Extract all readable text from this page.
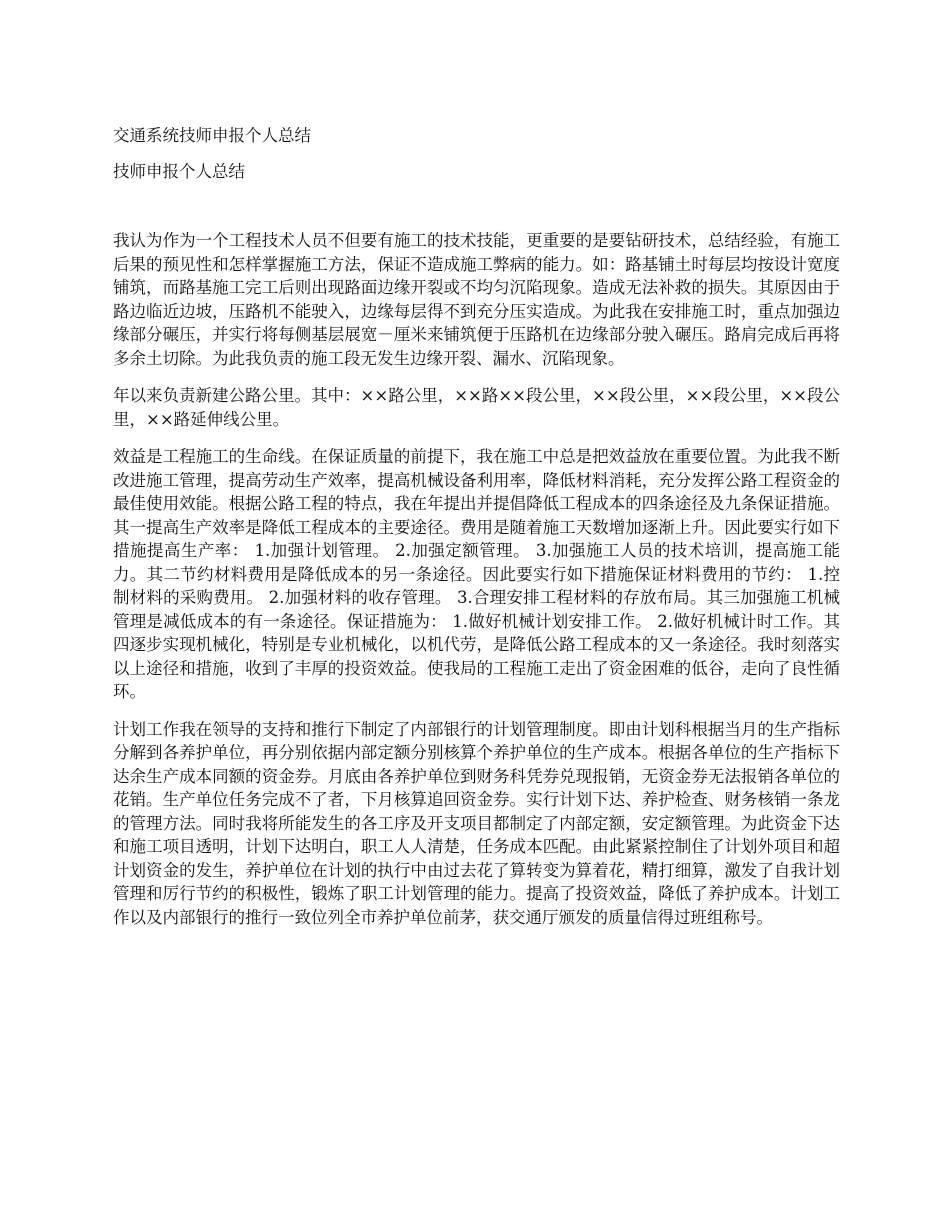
交通系统技师申报个人总结
技师申报个人总结

我认为作为一个工程技术人员不但要有施工的技术技能，更重要的是要钻研技术，总结经验，有施工后果的预见性和怎样掌握施工方法，保证不造成施工弊病的能力。如：路基铺土时每层均按设计宽度铺筑，而路基施工完工后则出现路面边缘开裂或不均匀沉陷现象。造成无法补救的损失。其原因由于路边临近边坡，压路机不能驶入，边缘每层得不到充分压实造成。为此我在安排施工时，重点加强边缘部分碾压，并实行将每侧基层展宽－厘米来铺筑便于压路机在边缘部分驶入碾压。路肩完成后再将多余土切除。为此我负责的施工段无发生边缘开裂、漏水、沉陷现象。

年以来负责新建公路公里。其中：××路公里，××路××段公里，××段公里，××段公里，××段公里，××路延伸线公里。

效益是工程施工的生命线。在保证质量的前提下，我在施工中总是把效益放在重要位置。为此我不断改进施工管理，提高劳动生产效率，提高机械设备利用率，降低材料消耗，充分发挥公路工程资金的最佳使用效能。根据公路工程的特点，我在年提出并提倡降低工程成本的四条途径及九条保证措施。其一提高生产效率是降低工程成本的主要途径。费用是随着施工天数增加逐渐上升。因此要实行如下措施提高生产率： 1.加强计划管理。 2.加强定额管理。 3.加强施工人员的技术培训，提高施工能力。其二节约材料费用是降低成本的另一条途径。因此要实行如下措施保证材料费用的节约： 1.控制材料的采购费用。 2.加强材料的收存管理。 3.合理安排工程材料的存放布局。其三加强施工机械管理是减低成本的有一条途径。保证措施为： 1.做好机械计划安排工作。 2.做好机械计时工作。其四逐步实现机械化，特别是专业机械化，以机代劳，是降低公路工程成本的又一条途径。我时刻落实以上途径和措施，收到了丰厚的投资效益。使我局的工程施工走出了资金困难的低谷，走向了良性循环。

计划工作我在领导的支持和推行下制定了内部银行的计划管理制度。即由计划科根据当月的生产指标分解到各养护单位，再分别依据内部定额分别核算个养护单位的生产成本。根据各单位的生产指标下达余生产成本同额的资金券。月底由各养护单位到财务科凭券兑现报销，无资金券无法报销各单位的花销。生产单位任务完成不了者，下月核算追回资金券。实行计划下达、养护检查、财务核销一条龙的管理方法。同时我将所能发生的各工序及开支项目都制定了内部定额，安定额管理。为此资金下达和施工项目透明，计划下达明白，职工人人清楚，任务成本匹配。由此紧紧控制住了计划外项目和超计划资金的发生，养护单位在计划的执行中由过去花了算转变为算着花，精打细算，激发了自我计划管理和厉行节约的积极性，锻炼了职工计划管理的能力。提高了投资效益，降低了养护成本。计划工作以及内部银行的推行一致位列全市养护单位前茅，获交通厅颁发的质量信得过班组称号。
